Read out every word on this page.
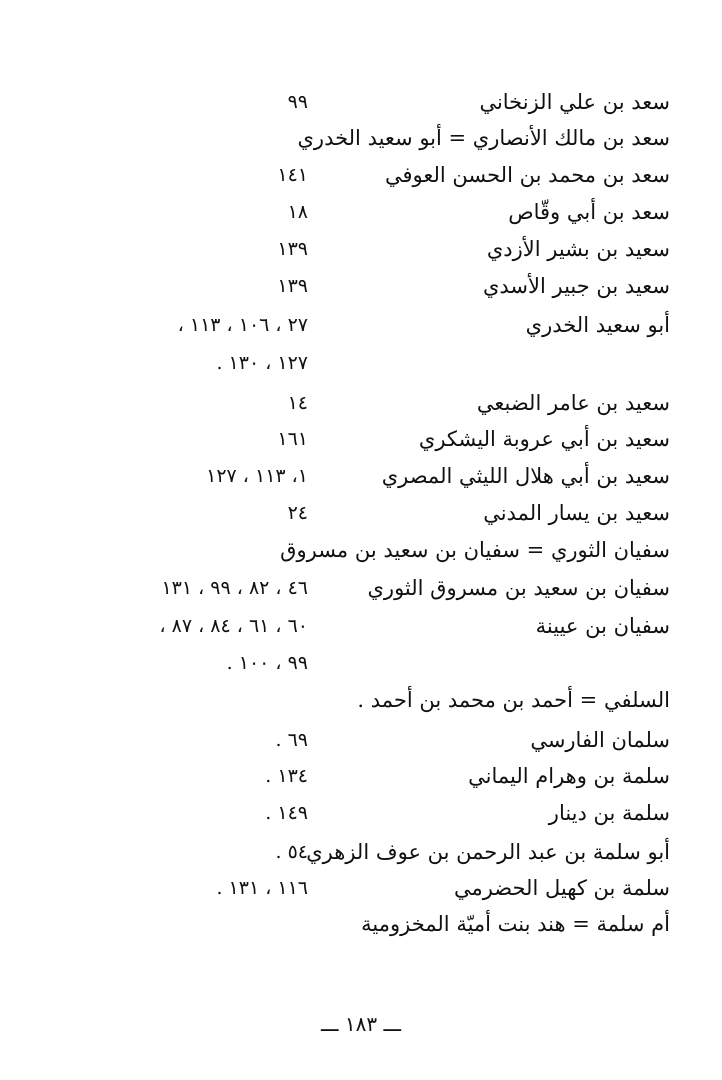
سعد بن علي الزنخاني
٩٩
سعد بن مالك الأنصاري = أبو سعيد الخدري
سعد بن محمد بن الحسن العوفي
١٤١
سعد بن أبي وقّاص
١٨
سعيد بن بشير الأزدي
١٣٩
سعيد بن جبير الأسدي
١٣٩
أبو سعيد الخدري
٢٧ ، ١٠٦ ، ١١٣ ،
١٢٧ ، ١٣٠ .
سعيد بن عامر الضبعي
١٤
سعيد بن أبي عروبة اليشكري
١٦١
سعيد بن أبي هلال الليثي المصري
١، ١١٣ ، ١٢٧
سعيد بن يسار المدني
٢٤
سفيان الثوري = سفيان بن سعيد بن مسروق
سفيان بن سعيد بن مسروق الثوري
٤٦ ، ٨٢ ، ٩٩ ، ١٣١
سفيان بن عيينة
٦٠ ، ٦١ ، ٨٤ ، ٨٧ ،
٩٩ ، ١٠٠ .
السلفي = أحمد بن محمد بن أحمد .
سلمان الفارسي
٦٩ .
سلمة بن وهرام اليماني
١٣٤ .
سلمة بن دينار
١٤٩ .
أبو سلمة بن عبد الرحمن بن عوف الزهري
٥٤ .
سلمة بن كهيل الحضرمي
١١٦ ، ١٣١ .
أم سلمة = هند بنت أميّة المخزومية
ـــ ١٨٣ ـــ
